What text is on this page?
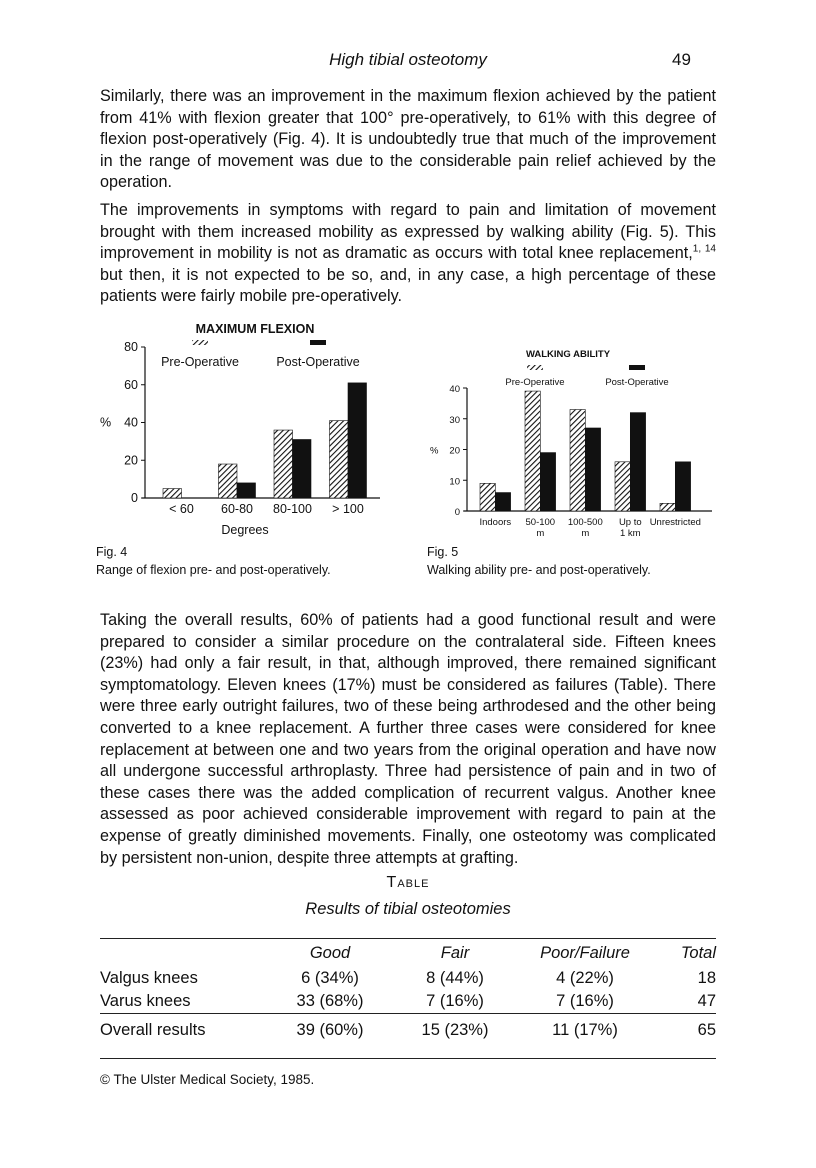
High tibial osteotomy	49

Similarly, there was an improvement in the maximum flexion achieved by the patient from 41% with flexion greater that 100° pre-operatively, to 61% with this degree of flexion post-operatively (Fig. 4). It is undoubtedly true that much of the improvement in the range of movement was due to the considerable pain relief achieved by the operation.

The improvements in symptoms with regard to pain and limitation of movement brought with them increased mobility as expressed by walking ability (Fig. 5). This improvement in mobility is not as dramatic as occurs with total knee replacement,$^{1, 14}$ but then, it is not expected to be so, and, in any case, a high percentage of these patients were fairly mobile pre-operatively.

MAXIMUM FLEXION
0
20
40
60
80
%
Degrees
Pre-Operative	Post-Operative
< 60 60-80 80-100 > 100
WALKING ABILITY
0
10
20
30
40
%
Pre-Operative	Post-Operative
Indoors 50-100
m
100-500
m
Up to
1 km
Unrestricted
Fig. 4
Range of flexion pre- and post-operatively.
Fig. 5
Walking ability pre- and post-operatively.

Taking the overall results, 60% of patients had a good functional result and were prepared to consider a similar procedure on the contralateral side. Fifteen knees (23%) had only a fair result, in that, although improved, there remained significant symptomatology. Eleven knees (17%) must be considered as failures (Table). There were three early outright failures, two of these being arthrodesed and the other being converted to a knee replacement. A further three cases were considered for knee replacement at between one and two years from the original operation and have now all undergone successful arthroplasty. Three had persistence of pain and in two of these cases there was the added complication of recurrent valgus. Another knee assessed as poor achieved considerable improvement with regard to pain at the expense of greatly diminished movements. Finally, one osteotomy was complicated by persistent non-union, despite three attempts at grafting.

Table
Results of tibial osteotomies
	Good	Fair	Poor/Failure	Total
Valgus knees	6 (34%)	8 (44%)	4 (22%)	18
Varus knees	33 (68%)	7 (16%)	7 (16%)	47
Overall results	39 (60%)	15 (23%)	11 (17%)	65
© The Ulster Medical Society, 1985.
